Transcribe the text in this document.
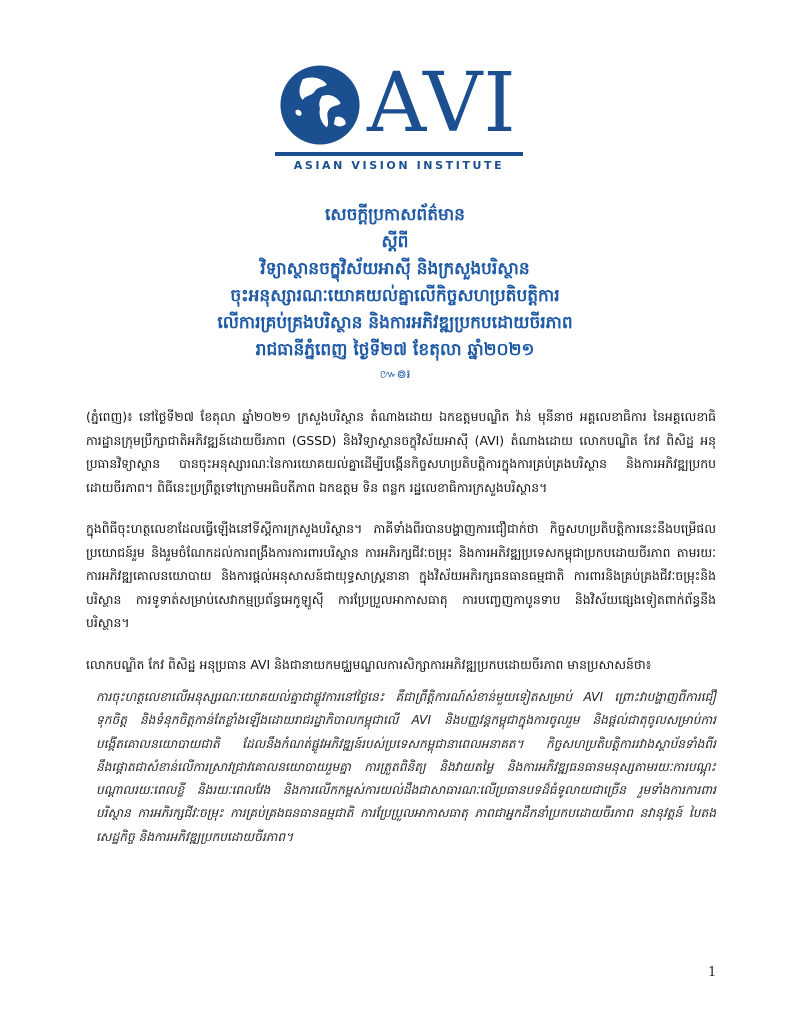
AVI
ASIAN VISION INSTITUTE
សេចក្តីប្រកាសព័ត៌មាន
ស្តីពី
វិទ្យាស្ថានចក្ខុវិស័យអាស៊ី និងក្រសួងបរិស្ថាន
ចុះអនុស្សារណៈយោគយល់គ្នាលើកិច្ចសហប្រតិបត្តិការ
លើការគ្រប់គ្រងបរិស្ថាន និងការអភិវឌ្ឍប្រកបដោយចីរភាព
រាជធានីភ្នំពេញ ថ្ងៃទី២៧ ខែតុលា ឆ្នាំ២០២១
៚៙៛

(ភ្នំពេញ)៖ នៅថ្ងៃទី២៧ ខែតុលា ឆ្នាំ២០២១ ក្រសួងបរិស្ថាន តំណាងដោយ ឯកឧត្តមបណ្ឌិត វ៉ាន់ មុនីនាថ អគ្គលេខាធិការ នៃអគ្គលេខាធិការដ្ឋានក្រុមប្រឹក្សាជាតិអភិវឌ្ឍន៍ដោយចីរភាព (GSSD) និងវិទ្យាស្ថានចក្ខុវិស័យអាស៊ី (AVI) តំណាងដោយ លោកបណ្ឌិត កែវ ពិសិដ្ឋ អនុប្រធានវិទ្យាស្ថាន បានចុះអនុស្សារណៈនៃការយោគយល់គ្នាដើម្បីបង្កើនកិច្ចសហប្រតិបត្តិការក្នុងការគ្រប់គ្រងបរិស្ថាន និងការអភិវឌ្ឍប្រកបដោយចីរភាព។ ពិធីនេះប្រព្រឹត្តទៅក្រោមអធិបតីភាព ឯកឧត្តម ទិន ពន្លក រដ្ឋលេខាធិការក្រសួងបរិស្ថាន។

ក្នុងពិធីចុះហត្ថលេខាដែលធ្វើឡើងនៅទីស្តីការក្រសួងបរិស្ថាន។ ភាគីទាំងពីរបានបង្ហាញការជឿជាក់ថា កិច្ចសហប្រតិបត្តិការនេះនឹងបម្រើផលប្រយោជន៍រួម និងរួមចំណែកដល់ការពង្រឹងការការពារបរិស្ថាន ការអភិរក្សជីវៈចម្រុះ និងការអភិវឌ្ឍប្រទេសកម្ពុជាប្រកបដោយចីរភាព តាមរយៈការអភិវឌ្ឍគោលនយោបាយ និងការផ្តល់អនុសាសន៍ជាយុទ្ធសាស្ត្រនានា ក្នុងវិស័យអភិរក្សធនធានធម្មជាតិ ការពារនិងគ្រប់គ្រងជីវៈចម្រុះនិងបរិស្ថាន ការទូទាត់សម្រាប់សេវាកម្មប្រព័ន្ធអេកូឡូស៊ី ការប្រែប្រួលអាកាសធាតុ ការបញ្ចេញកាបូនទាប និងវិស័យផ្សេងទៀតពាក់ព័ន្ធនឹងបរិស្ថាន។

លោកបណ្ឌិត កែវ ពិសិដ្ឋ អនុប្រធាន AVI និងជានាយកមជ្ឈមណ្ឌលការសិក្សាការអភិវឌ្ឍប្រកបដោយចីរភាព មានប្រសាសន៍ថា៖

ការចុះហត្ថលេខាលើអនុស្សរណៈយោគយល់គ្នាជាផ្លូវការនៅថ្ងៃនេះ គឺជាព្រឹត្តិការណ៍សំខាន់មួយទៀតសម្រាប់ AVI ព្រោះវាបង្ហាញពីការជឿទុកចិត្ត និងទំនុកចិត្តកាន់តែខ្លាំងឡើងដោយរាជរដ្ឋាភិបាលកម្ពុជាលើ AVI និងបញ្ញវន្តកម្ពុជាក្នុងការចូលរួម និងផ្តល់ជាតុចូលសម្រាប់ការបង្កើតគោលនយោបាយជាតិ ដែលនឹងកំណត់ផ្លូវអភិវឌ្ឍន៍របស់ប្រទេសកម្ពុជានាពេលអនាគត។ កិច្ចសហប្រតិបត្តិការរវាងស្ថាប័នទាំងពីរនឹងផ្តោតជាសំខាន់លើការស្រាវជ្រាវគោលនយោបាយរួមគ្នា ការត្រួតពិនិត្យ និងវាយតម្លៃ និងការអភិវឌ្ឍធនធានមនុស្សតាមរយៈការបណ្តុះបណ្តាលរយៈពេលខ្លី និងរយៈពេលវែង និងការលើកកម្ពស់ការយល់ដឹងជាសាធារណៈលើប្រធានបទដ៏ធំទូលាយជាច្រើន រួមទាំងការការពារបរិស្ថាន ការអភិរក្សជីវៈចម្រុះ ការគ្រប់គ្រងធនធានធម្មជាតិ ការប្រែប្រួលអាកាសធាតុ ភាពជាអ្នកដឹកនាំប្រកបដោយចីរភាព នវានុវត្តន៍ បៃតងសេដ្ឋកិច្ច និងការអភិវឌ្ឍប្រកបដោយចីរភាព។

1
